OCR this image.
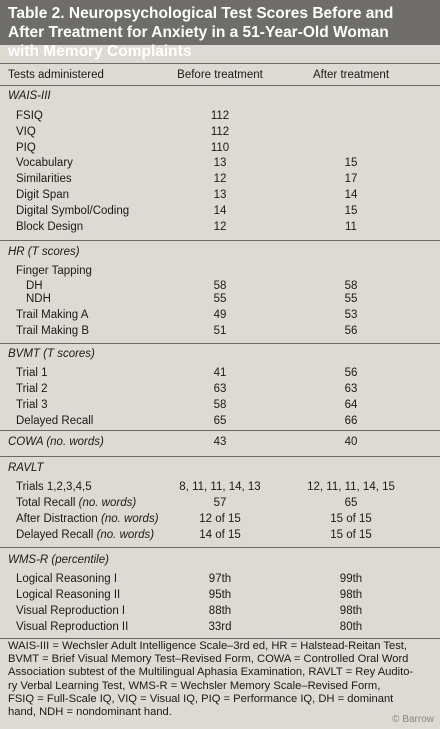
Table 2. Neuropsychological Test Scores Before and
After Treatment for Anxiety in a 51-Year-Old Woman
with Memory Complaints
Tests administered	Before treatment	After treatment
WAIS-III
FSIQ	112
VIQ	112
PIQ	110
Vocabulary	13	15
Similarities	12	17
Digit Span	13	14
Digital Symbol/Coding	14	15
Block Design	12	11
HR (T scores)
Finger Tapping
DH	58	58
NDH	55	55
Trail Making A	49	53
Trail Making B	51	56
BVMT (T scores)
Trial 1	41	56
Trial 2	63	63
Trial 3	58	64
Delayed Recall	65	66
COWA (no. words)	43	40
RAVLT
Trials 1,2,3,4,5	8, 11, 11, 14, 13	12, 11, 11, 14, 15
Total Recall (no. words)	57	65
After Distraction (no. words)	12 of 15	15 of 15
Delayed Recall (no. words)	14 of 15	15 of 15
WMS-R (percentile)
Logical Reasoning I	97th	99th
Logical Reasoning II	95th	98th
Visual Reproduction I	88th	98th
Visual Reproduction II	33rd	80th
WAIS-III = Wechsler Adult Intelligence Scale–3rd ed, HR = Halstead-Reitan Test,
BVMT = Brief Visual Memory Test–Revised Form, COWA = Controlled Oral Word
Association subtest of the Multilingual Aphasia Examination, RAVLT = Rey Audito-
ry Verbal Learning Test, WMS-R = Wechsler Memory Scale–Revised Form,
FSIQ = Full-Scale IQ, VIQ = Visual IQ, PIQ = Performance IQ, DH = dominant
hand, NDH = nondominant hand.
© Barrow
